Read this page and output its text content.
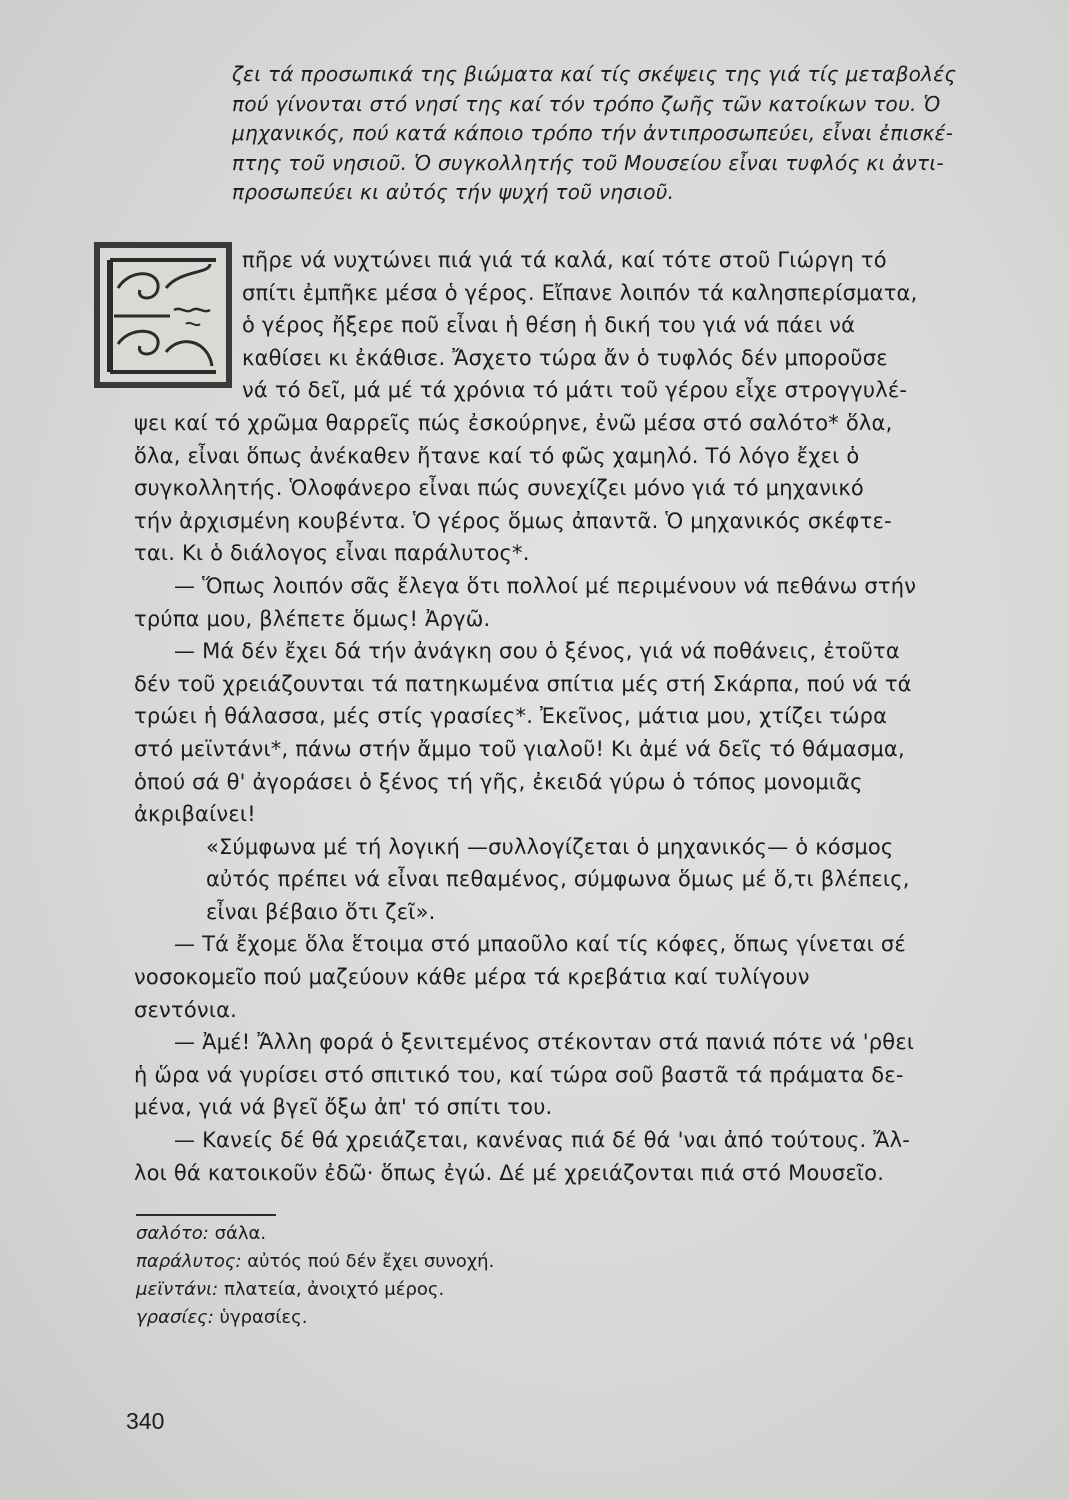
ζει τά προσωπικά της βιώματα καί τίς σκέψεις της γιά τίς μεταβολές

πού γίνονται στό νησί της καί τόν τρόπο ζωῆς τῶν κατοίκων του. Ὁ

μηχανικός, πού κατά κάποιο τρόπο τήν ἀντιπροσωπεύει, εἶναι ἐπισκέ-

πτης τοῦ νησιοῦ. Ὁ συγκολλητής τοῦ Μουσείου εἶναι τυφλός κι ἀντι-

προσωπεύει κι αὐτός τήν ψυχή τοῦ νησιοῦ.

πῆρε νά νυχτώνει πιά γιά τά καλά, καί τότε στοῦ Γιώργη τό
σπίτι ἐμπῆκε μέσα ὁ γέρος. Εἴπανε λοιπόν τά καλησπερίσματα,
ὁ γέρος ἤξερε ποῦ εἶναι ἡ θέση ἡ δική του γιά νά πάει νά
καθίσει κι ἐκάθισε. Ἄσχετο τώρα ἄν ὁ τυφλός δέν μποροῦσε
νά τό δεῖ, μά μέ τά χρόνια τό μάτι τοῦ γέρου εἶχε στρογγυλέ-
ψει καί τό χρῶμα θαρρεῖς πώς ἐσκούρηνε, ἐνῶ μέσα στό σαλότο* ὅλα,
ὅλα, εἶναι ὅπως ἀνέκαθεν ἤτανε καί τό φῶς χαμηλό. Τό λόγο ἔχει ὁ
συγκολλητής. Ὁλοφάνερο εἶναι πώς συνεχίζει μόνο γιά τό μηχανικό
τήν ἀρχισμένη κουβέντα. Ὁ γέρος ὅμως ἀπαντᾶ. Ὁ μηχανικός σκέφτε-
ται. Κι ὁ διάλογος εἶναι παράλυτος*.

— Ὅπως λοιπόν σᾶς ἔλεγα ὅτι πολλοί μέ περιμένουν νά πεθάνω στήν
τρύπα μου, βλέπετε ὅμως! Ἀργῶ.

— Μά δέν ἔχει δά τήν ἀνάγκη σου ὁ ξένος, γιά νά ποθάνεις, ἐτοῦτα
δέν τοῦ χρειάζουνται τά πατηκωμένα σπίτια μές στή Σκάρπα, πού νά τά
τρώει ἡ θάλασσα, μές στίς γρασίες*. Ἐκεῖνος, μάτια μου, χτίζει τώρα
στό μεϊντάνι*, πάνω στήν ἄμμο τοῦ γιαλοῦ! Κι ἀμέ νά δεῖς τό θάμασμα,
ὁπού σά θ' ἀγοράσει ὁ ξένος τή γῆς, ἐκειδά γύρω ὁ τόπος μονομιᾶς
ἀκριβαίνει!

«Σύμφωνα μέ τή λογική —συλλογίζεται ὁ μηχανικός— ὁ κόσμος
αὐτός πρέπει νά εἶναι πεθαμένος, σύμφωνα ὅμως μέ ὅ,τι βλέπεις,
εἶναι βέβαιο ὅτι ζεῖ».

— Τά ἔχομε ὅλα ἕτοιμα στό μπαοῦλο καί τίς κόφες, ὅπως γίνεται σέ
νοσοκομεῖο πού μαζεύουν κάθε μέρα τά κρεβάτια καί τυλίγουν
σεντόνια.

— Ἀμέ! Ἄλλη φορά ὁ ξενιτεμένος στέκονταν στά πανιά πότε νά 'ρθει
ἡ ὥρα νά γυρίσει στό σπιτικό του, καί τώρα σοῦ βαστᾶ τά πράματα δε-
μένα, γιά νά βγεῖ ὄξω ἀπ' τό σπίτι του.

— Κανείς δέ θά χρειάζεται, κανένας πιά δέ θά 'ναι ἀπό τούτους. Ἄλ-
λοι θά κατοικοῦν ἐδῶ· ὅπως ἐγώ. Δέ μέ χρειάζονται πιά στό Μουσεῖο.

σαλότο: σάλα.
παράλυτος: αὐτός πού δέν ἔχει συνοχή.
μεϊντάνι: πλατεία, ἀνοιχτό μέρος.
γρασίες: ὑγρασίες.
340
